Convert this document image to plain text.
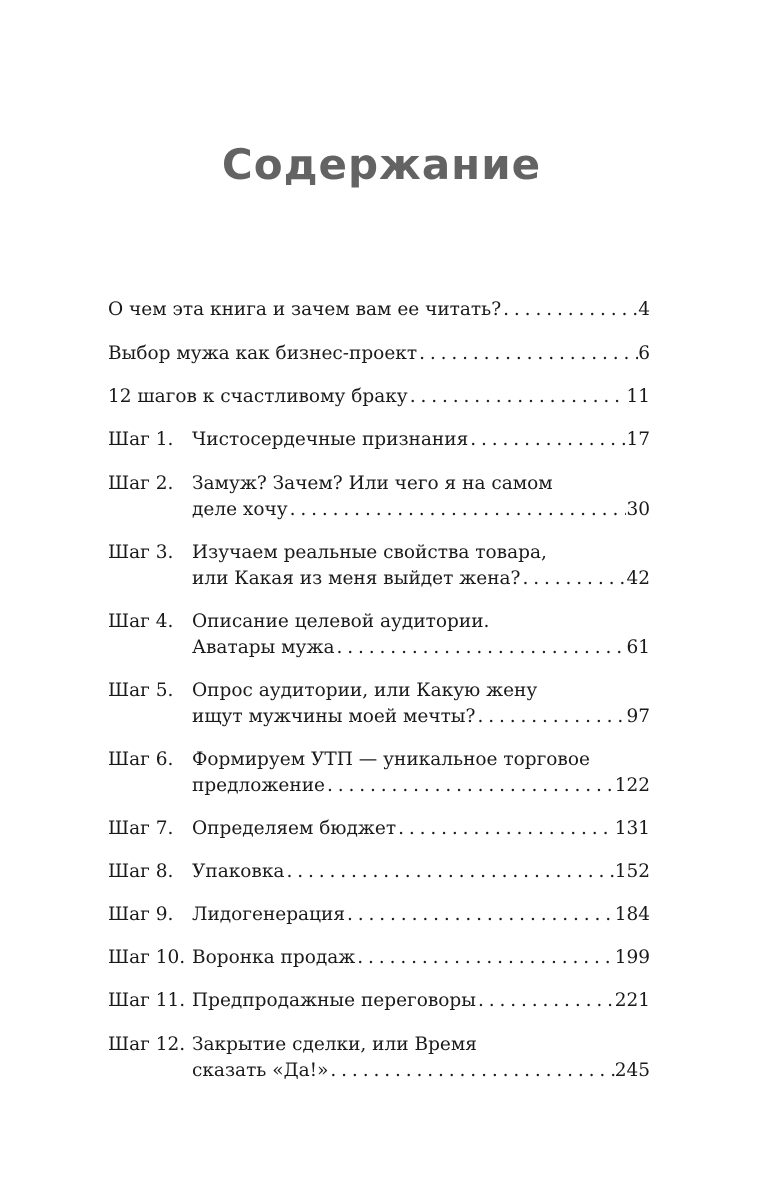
Содержание
О чем эта книга и зачем вам ее читать? . . .	4
Выбор мужа как бизнес-проект . . .	6
12 шагов к счастливому браку . . .	11
Шаг 1.	Чистосердечные признания . . .	17
Шаг 2.	Замуж? Зачем? Или чего я на самом
деле хочу . . .	30
Шаг 3.	Изучаем реальные свойства товара,
или Какая из меня выйдет жена? . . .	42
Шаг 4.	Описание целевой аудитории.
Аватары мужа . . .	61
Шаг 5.	Опрос аудитории, или Какую жену
ищут мужчины моей мечты? . . .	97
Шаг 6.	Формируем УТП — уникальное торговое
предложение . . .	122
Шаг 7.	Определяем бюджет . . .	131
Шаг 8.	Упаковка . . .	152
Шаг 9.	Лидогенерация . . .	184
Шаг 10. Воронка продаж . . .	199
Шаг 11. Предпродажные переговоры . . .	221
Шаг 12. Закрытие сделки, или Время
сказать «Да!» . . .	245
